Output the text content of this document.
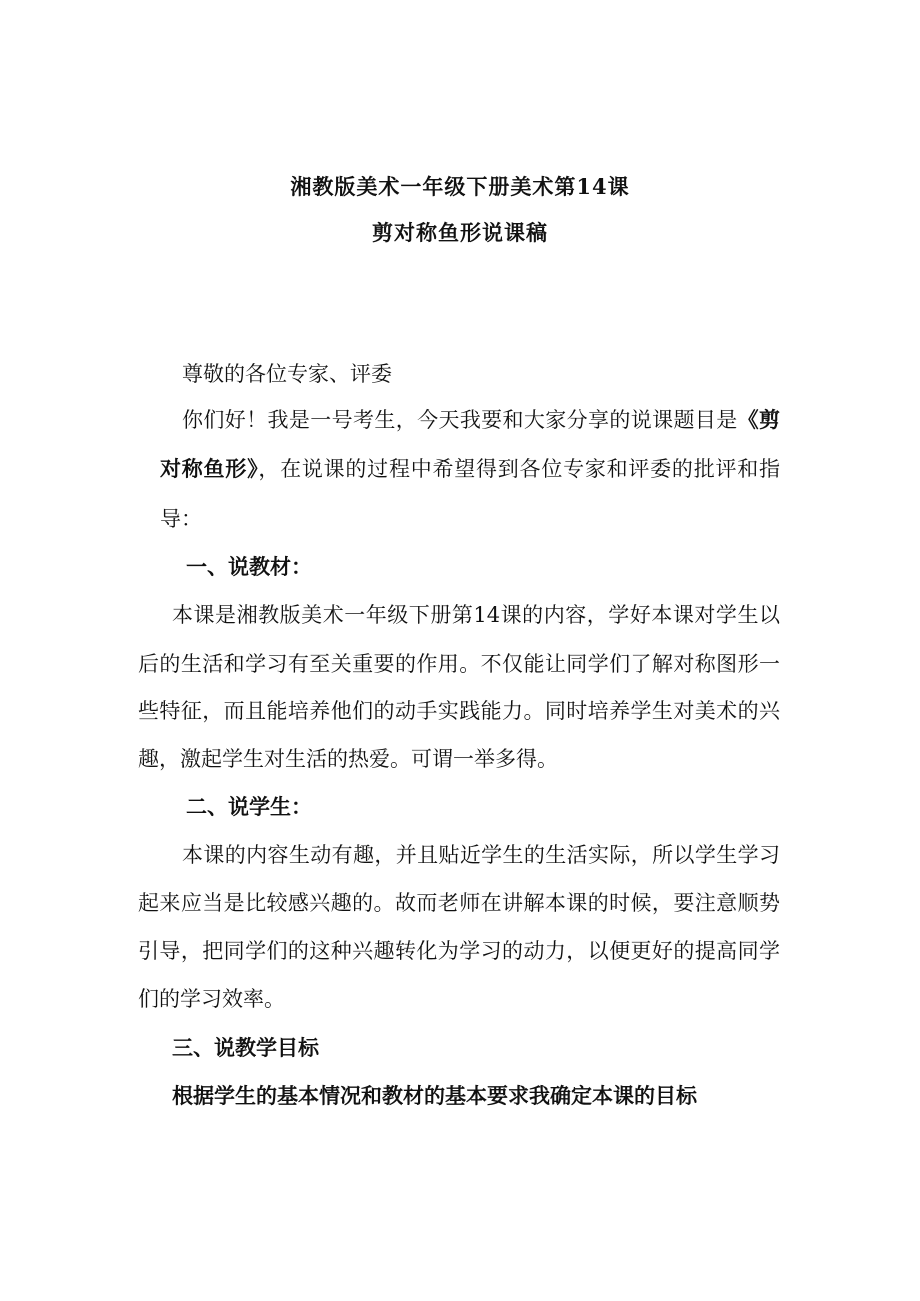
湘教版美术一年级下册美术第14课
剪对称鱼形说课稿
尊敬的各位专家、评委
你们好！我是一号考生，今天我要和大家分享的说课题目是《剪
对称鱼形》，在说课的过程中希望得到各位专家和评委的批评和指
导：
一、说教材：
本课是湘教版美术一年级下册第14课的内容，学好本课对学生以
后的生活和学习有至关重要的作用。不仅能让同学们了解对称图形一
些特征，而且能培养他们的动手实践能力。同时培养学生对美术的兴
趣，激起学生对生活的热爱。可谓一举多得。
二、说学生：
本课的内容生动有趣，并且贴近学生的生活实际，所以学生学习
起来应当是比较感兴趣的。故而老师在讲解本课的时候，要注意顺势
引导，把同学们的这种兴趣转化为学习的动力，以便更好的提高同学
们的学习效率。
三、说教学目标
根据学生的基本情况和教材的基本要求我确定本课的目标
